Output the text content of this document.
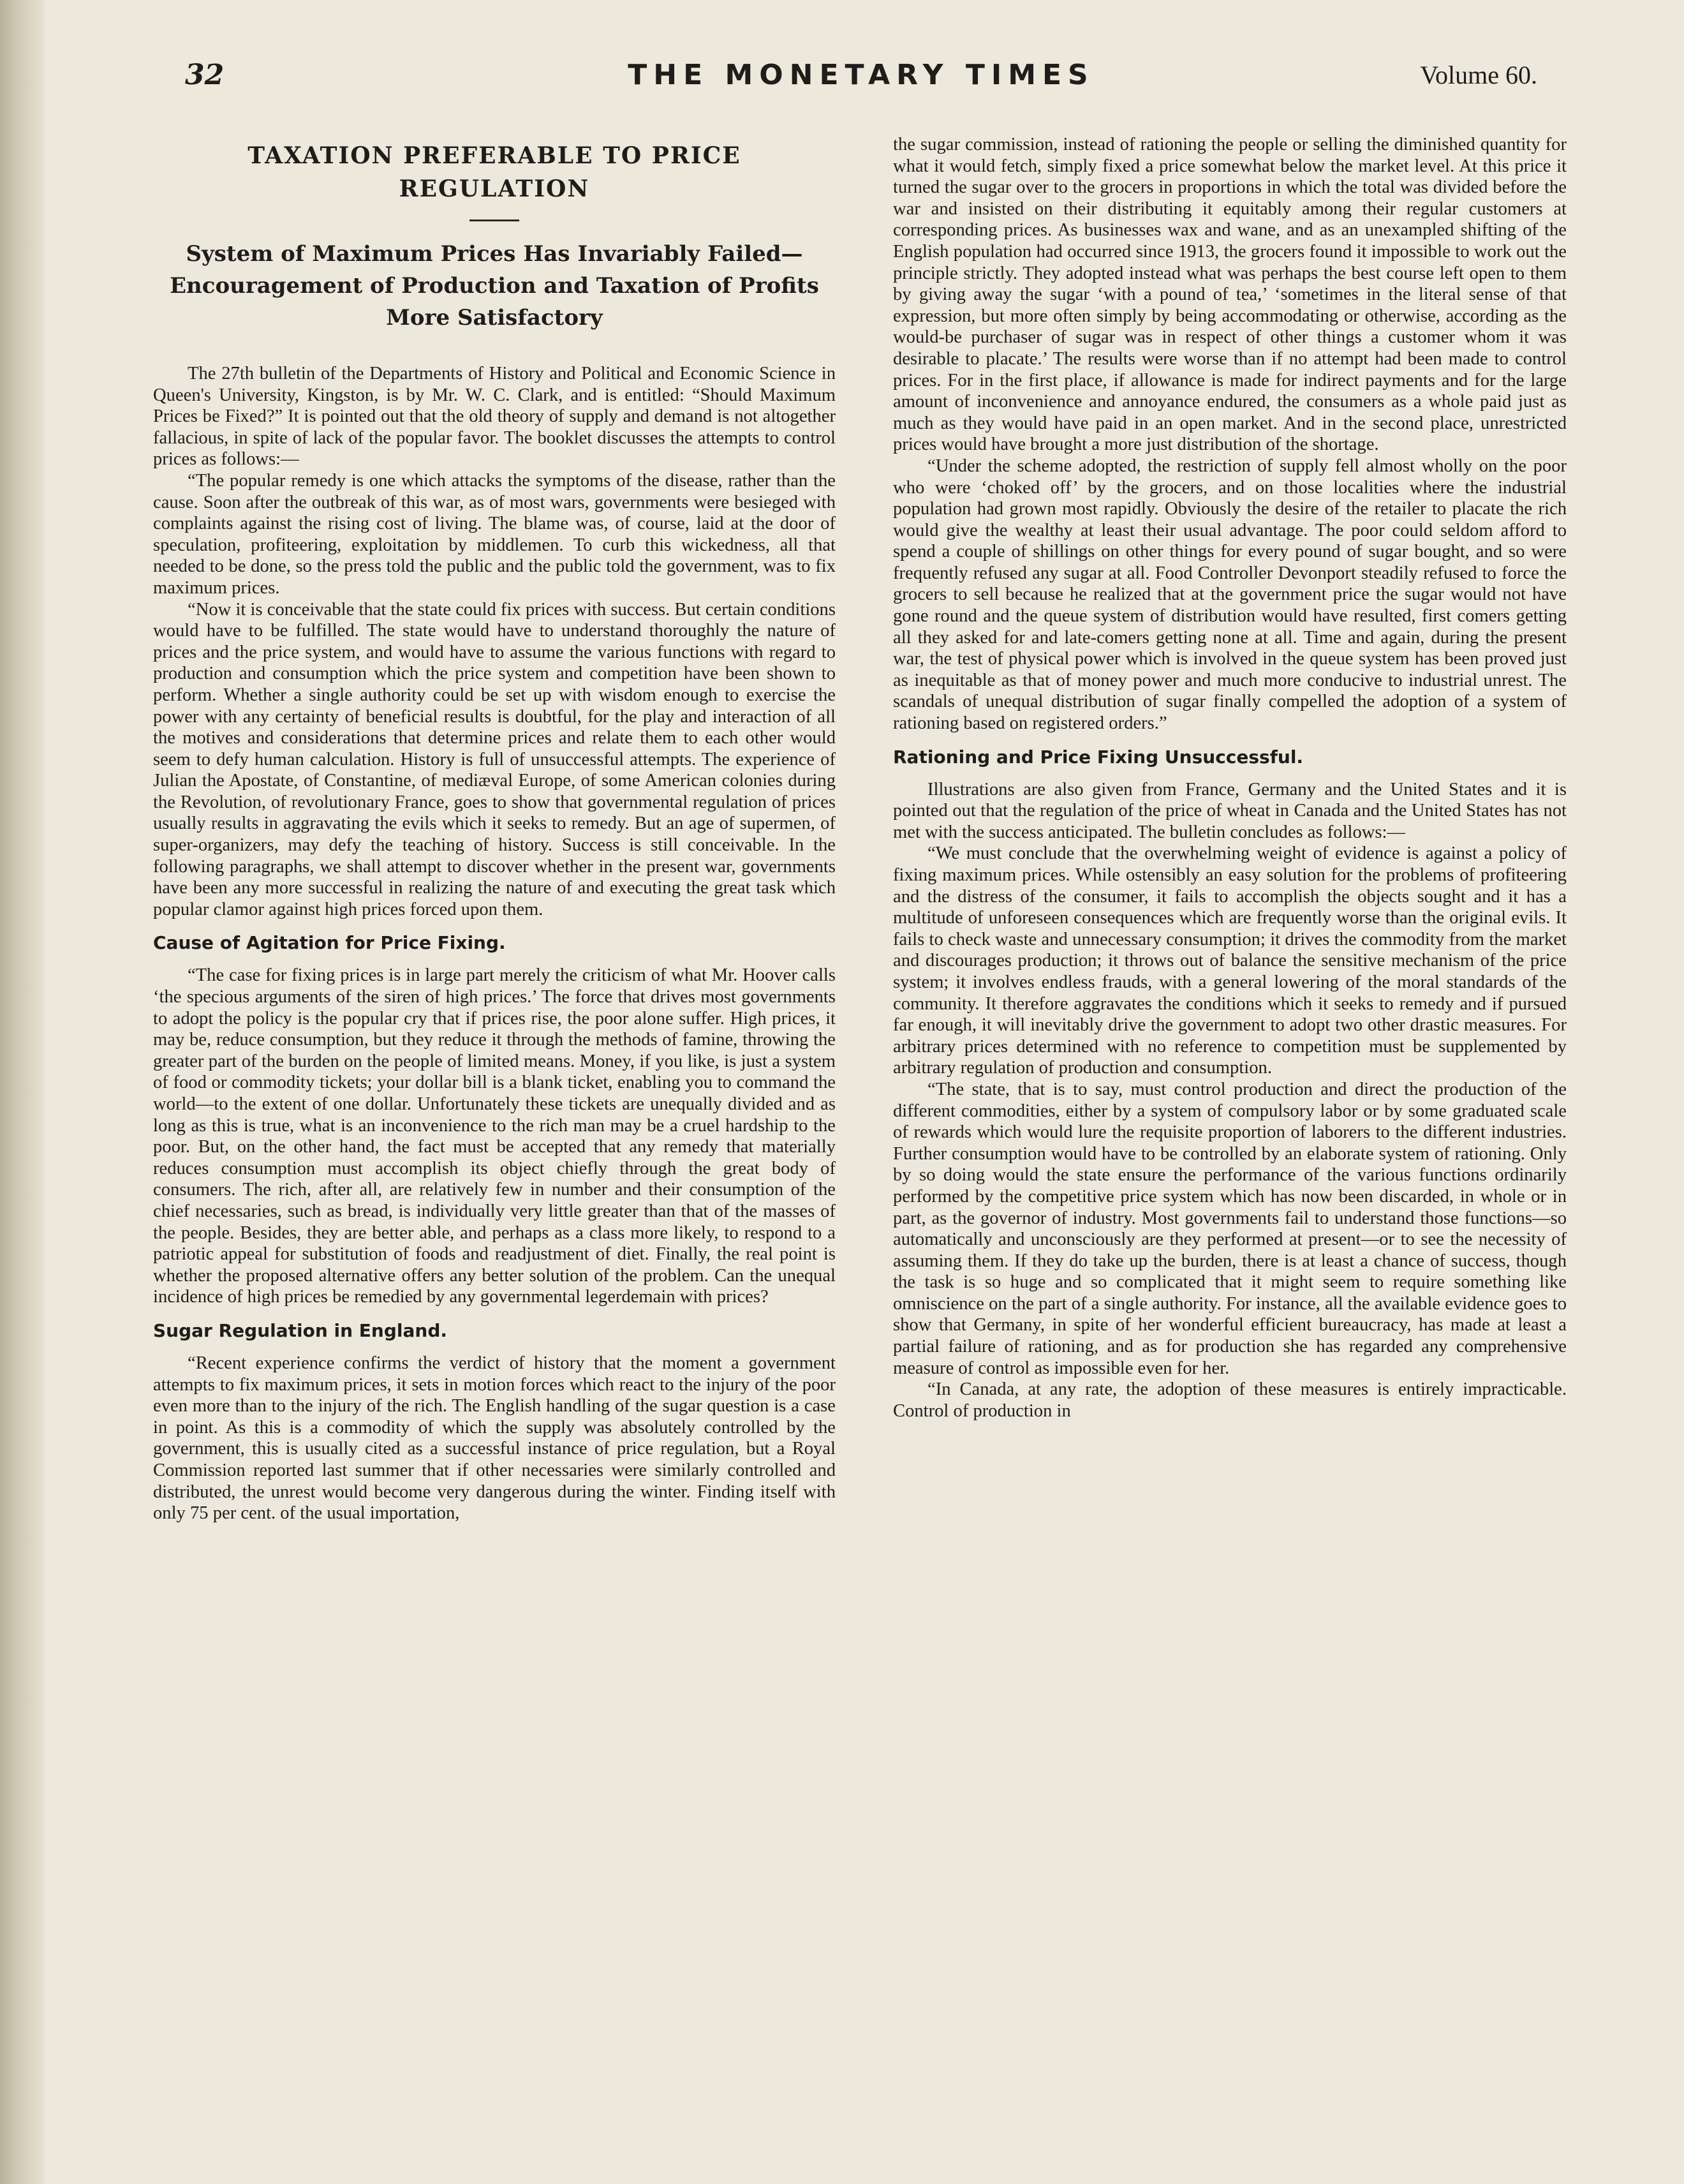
32	THE MONETARY TIMES	Volume 60.
TAXATION PREFERABLE TO PRICE REGULATION
System of Maximum Prices Has Invariably Failed—Encouragement of Production and Taxation of Profits More Satisfactory

The 27th bulletin of the Departments of History and Political and Economic Science in Queen's University, Kingston, is by Mr. W. C. Clark, and is entitled: “Should Maximum Prices be Fixed?” It is pointed out that the old theory of supply and demand is not altogether fallacious, in spite of lack of the popular favor. The booklet discusses the attempts to control prices as follows:—

“The popular remedy is one which attacks the symptoms of the disease, rather than the cause. Soon after the outbreak of this war, as of most wars, governments were besieged with complaints against the rising cost of living. The blame was, of course, laid at the door of speculation, profiteering, exploitation by middlemen. To curb this wickedness, all that needed to be done, so the press told the public and the public told the government, was to fix maximum prices.

“Now it is conceivable that the state could fix prices with success. But certain conditions would have to be fulfilled. The state would have to understand thoroughly the nature of prices and the price system, and would have to assume the various functions with regard to production and consumption which the price system and competition have been shown to perform. Whether a single authority could be set up with wisdom enough to exercise the power with any certainty of beneficial results is doubtful, for the play and interaction of all the motives and considerations that determine prices and relate them to each other would seem to defy human calculation. History is full of unsuccessful attempts. The experience of Julian the Apostate, of Constantine, of mediæval Europe, of some American colonies during the Revolution, of revolutionary France, goes to show that governmental regulation of prices usually results in aggravating the evils which it seeks to remedy. But an age of supermen, of super-organizers, may defy the teaching of history. Success is still conceivable. In the following paragraphs, we shall attempt to discover whether in the present war, governments have been any more successful in realizing the nature of and executing the great task which popular clamor against high prices forced upon them.

Cause of Agitation for Price Fixing.

“The case for fixing prices is in large part merely the criticism of what Mr. Hoover calls ‘the specious arguments of the siren of high prices.’ The force that drives most governments to adopt the policy is the popular cry that if prices rise, the poor alone suffer. High prices, it may be, reduce consumption, but they reduce it through the methods of famine, throwing the greater part of the burden on the people of limited means. Money, if you like, is just a system of food or commodity tickets; your dollar bill is a blank ticket, enabling you to command the world—to the extent of one dollar. Unfortunately these tickets are unequally divided and as long as this is true, what is an inconvenience to the rich man may be a cruel hardship to the poor. But, on the other hand, the fact must be accepted that any remedy that materially reduces consumption must accomplish its object chiefly through the great body of consumers. The rich, after all, are relatively few in number and their consumption of the chief necessaries, such as bread, is individually very little greater than that of the masses of the people. Besides, they are better able, and perhaps as a class more likely, to respond to a patriotic appeal for substitution of foods and readjustment of diet. Finally, the real point is whether the proposed alternative offers any better solution of the problem. Can the unequal incidence of high prices be remedied by any governmental legerdemain with prices?

Sugar Regulation in England.

“Recent experience confirms the verdict of history that the moment a government attempts to fix maximum prices, it sets in motion forces which react to the injury of the poor even more than to the injury of the rich. The English handling of the sugar question is a case in point. As this is a commodity of which the supply was absolutely controlled by the government, this is usually cited as a successful instance of price regulation, but a Royal Commission reported last summer that if other necessaries were similarly controlled and distributed, the unrest would become very dangerous during the winter. Finding itself with only 75 per cent. of the usual importation,

the sugar commission, instead of rationing the people or selling the diminished quantity for what it would fetch, simply fixed a price somewhat below the market level. At this price it turned the sugar over to the grocers in proportions in which the total was divided before the war and insisted on their distributing it equitably among their regular customers at corresponding prices. As businesses wax and wane, and as an unexampled shifting of the English population had occurred since 1913, the grocers found it impossible to work out the principle strictly. They adopted instead what was perhaps the best course left open to them by giving away the sugar ‘with a pound of tea,’ ‘sometimes in the literal sense of that expression, but more often simply by being accommodating or otherwise, according as the would-be purchaser of sugar was in respect of other things a customer whom it was desirable to placate.’ The results were worse than if no attempt had been made to control prices. For in the first place, if allowance is made for indirect payments and for the large amount of inconvenience and annoyance endured, the consumers as a whole paid just as much as they would have paid in an open market. And in the second place, unrestricted prices would have brought a more just distribution of the shortage.

“Under the scheme adopted, the restriction of supply fell almost wholly on the poor who were ‘choked off’ by the grocers, and on those localities where the industrial population had grown most rapidly. Obviously the desire of the retailer to placate the rich would give the wealthy at least their usual advantage. The poor could seldom afford to spend a couple of shillings on other things for every pound of sugar bought, and so were frequently refused any sugar at all. Food Controller Devonport steadily refused to force the grocers to sell because he realized that at the government price the sugar would not have gone round and the queue system of distribution would have resulted, first comers getting all they asked for and late-comers getting none at all. Time and again, during the present war, the test of physical power which is involved in the queue system has been proved just as inequitable as that of money power and much more conducive to industrial unrest. The scandals of unequal distribution of sugar finally compelled the adoption of a system of rationing based on registered orders.”

Rationing and Price Fixing Unsuccessful.

Illustrations are also given from France, Germany and the United States and it is pointed out that the regulation of the price of wheat in Canada and the United States has not met with the success anticipated. The bulletin concludes as follows:—

“We must conclude that the overwhelming weight of evidence is against a policy of fixing maximum prices. While ostensibly an easy solution for the problems of profiteering and the distress of the consumer, it fails to accomplish the objects sought and it has a multitude of unforeseen consequences which are frequently worse than the original evils. It fails to check waste and unnecessary consumption; it drives the commodity from the market and discourages production; it throws out of balance the sensitive mechanism of the price system; it involves endless frauds, with a general lowering of the moral standards of the community. It therefore aggravates the conditions which it seeks to remedy and if pursued far enough, it will inevitably drive the government to adopt two other drastic measures. For arbitrary prices determined with no reference to competition must be supplemented by arbitrary regulation of production and consumption.

“The state, that is to say, must control production and direct the production of the different commodities, either by a system of compulsory labor or by some graduated scale of rewards which would lure the requisite proportion of laborers to the different industries. Further consumption would have to be controlled by an elaborate system of rationing. Only by so doing would the state ensure the performance of the various functions ordinarily performed by the competitive price system which has now been discarded, in whole or in part, as the governor of industry. Most governments fail to understand those functions—so automatically and unconsciously are they performed at present—or to see the necessity of assuming them. If they do take up the burden, there is at least a chance of success, though the task is so huge and so complicated that it might seem to require something like omniscience on the part of a single authority. For instance, all the available evidence goes to show that Germany, in spite of her wonderful efficient bureaucracy, has made at least a partial failure of rationing, and as for production she has regarded any comprehensive measure of control as impossible even for her.

“In Canada, at any rate, the adoption of these measures is entirely impracticable. Control of production in
